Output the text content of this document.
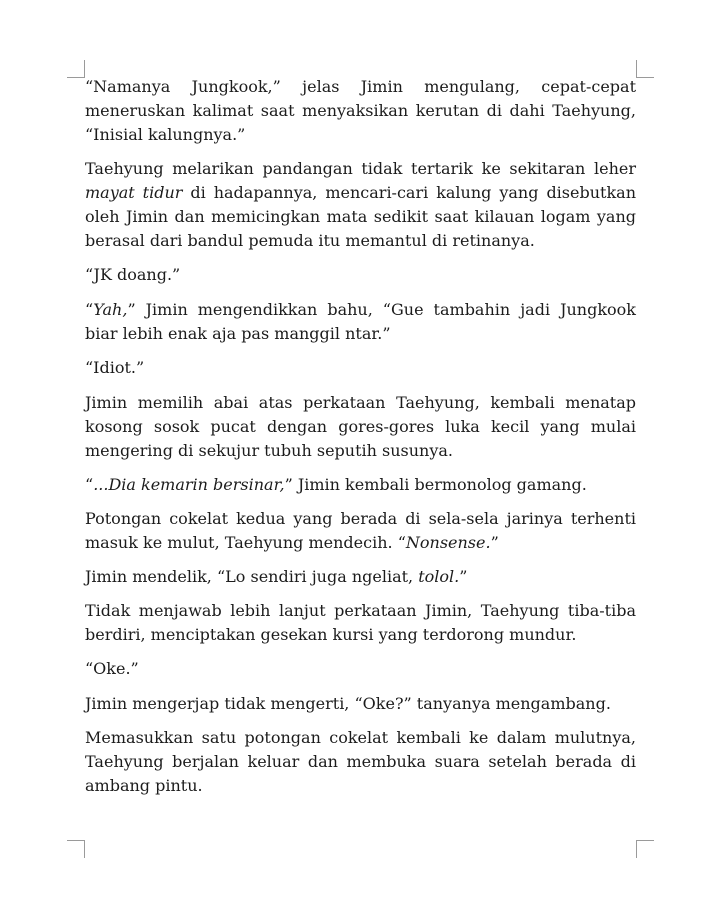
“Namanya Jungkook,” jelas Jimin mengulang, cepat-cepat meneruskan kalimat saat menyaksikan kerutan di dahi Taehyung, “Inisial kalungnya.”

Taehyung melarikan pandangan tidak tertarik ke sekitaran leher mayat tidur di hadapannya, mencari-cari kalung yang disebutkan oleh Jimin dan memicingkan mata sedikit saat kilauan logam yang berasal dari bandul pemuda itu memantul di retinanya.

“JK doang.”

“Yah,” Jimin mengendikkan bahu, “Gue tambahin jadi Jungkook biar lebih enak aja pas manggil ntar.”

“Idiot.”

Jimin memilih abai atas perkataan Taehyung, kembali menatap kosong sosok pucat dengan gores-gores luka kecil yang mulai mengering di sekujur tubuh seputih susunya.

“...Dia kemarin bersinar,” Jimin kembali bermonolog gamang.

Potongan cokelat kedua yang berada di sela-sela jarinya terhenti masuk ke mulut, Taehyung mendecih. “Nonsense.”

Jimin mendelik, “Lo sendiri juga ngeliat, tolol.”

Tidak menjawab lebih lanjut perkataan Jimin, Taehyung tiba-tiba berdiri, menciptakan gesekan kursi yang terdorong mundur.

“Oke.”

Jimin mengerjap tidak mengerti, “Oke?” tanyanya mengambang.

Memasukkan satu potongan cokelat kembali ke dalam mulutnya, Taehyung berjalan keluar dan membuka suara setelah berada di ambang pintu.
